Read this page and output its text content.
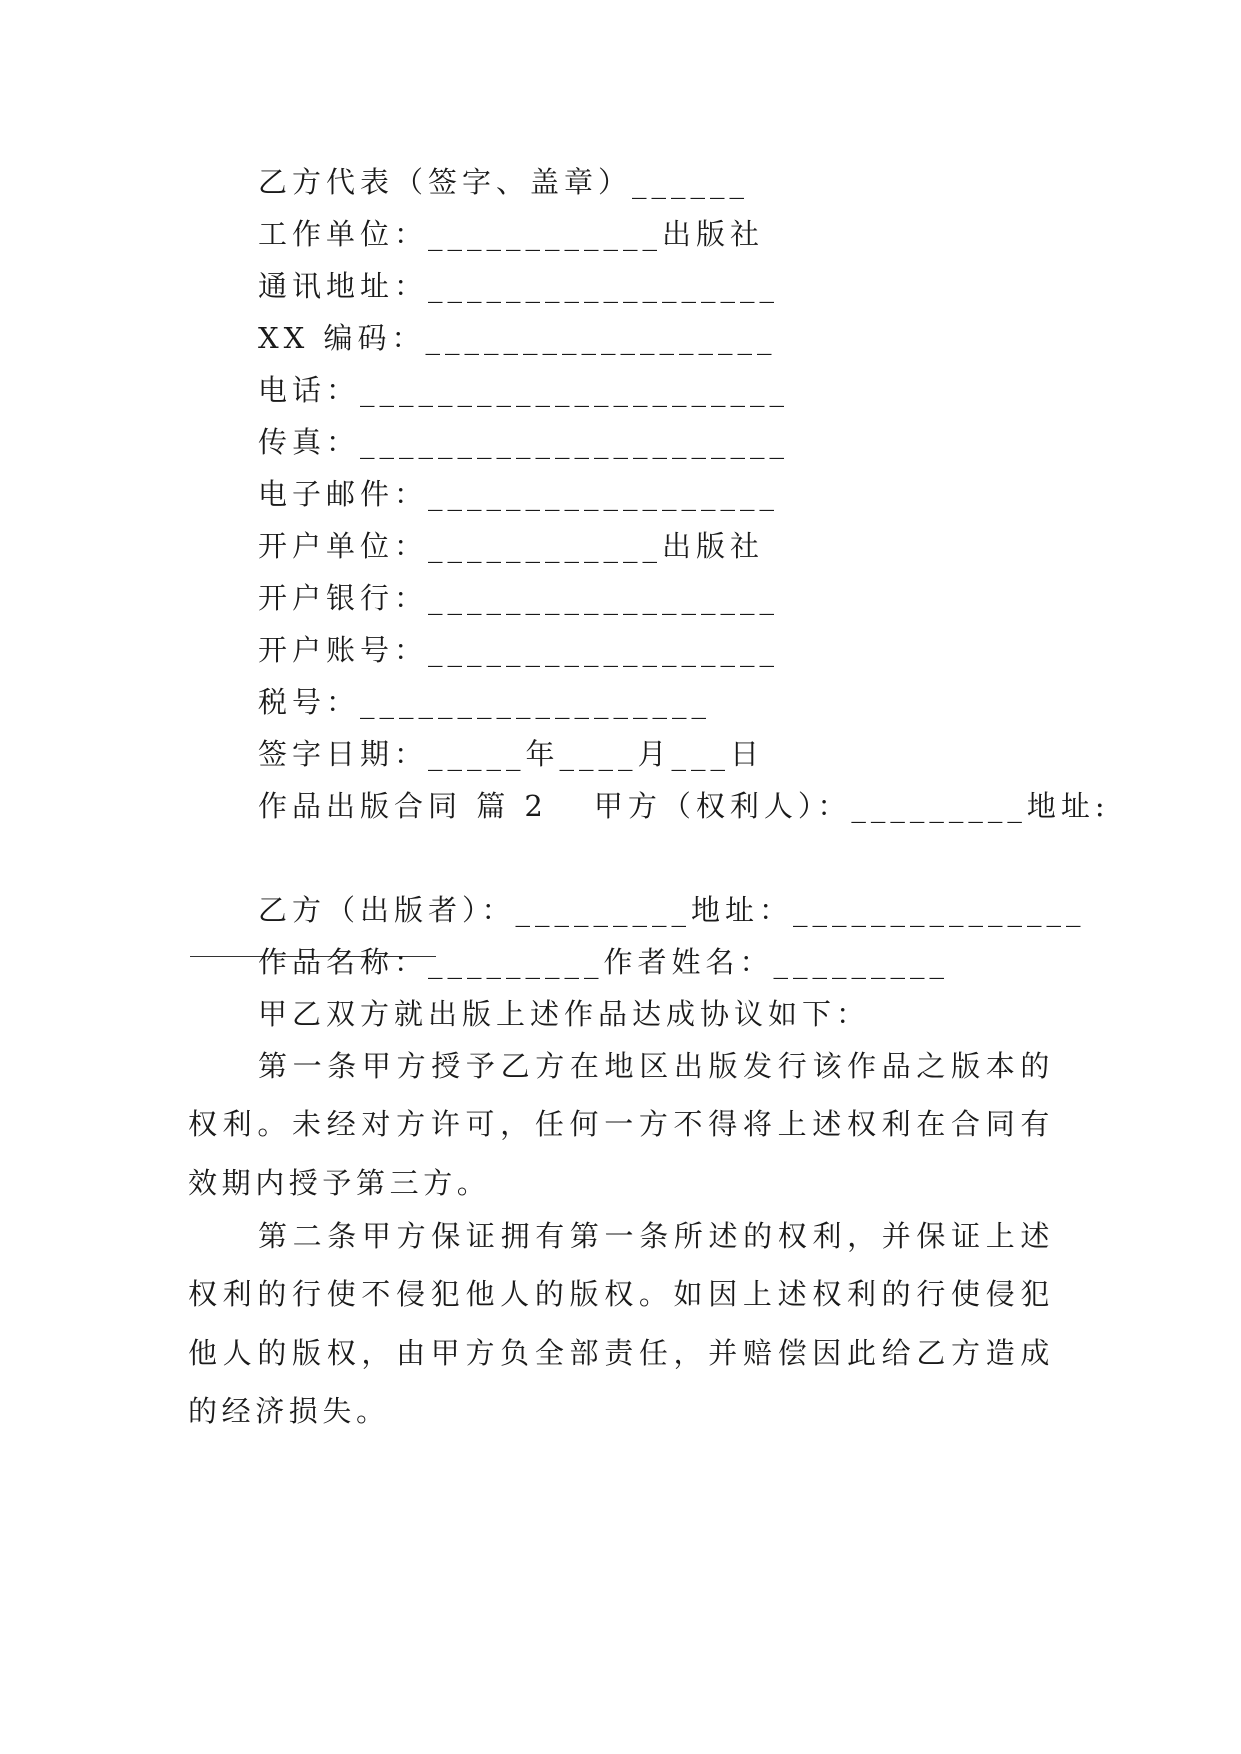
乙方代表（签字、盖章）______
工作单位：____________出版社
通讯地址：__________________
XX 编码：__________________
电话：______________________
传真：______________________
电子邮件：__________________
开户单位：____________出版社
开户银行：__________________
开户账号：__________________
税号：__________________
签字日期：_____年____月___日
作品出版合同 篇 2 甲方（权利人）：_________地址:
乙方（出版者）：_________地址：_______________
作品名称：_________作者姓名：_________
甲乙双方就出版上述作品达成协议如下：
第一条甲方授予乙方在地区出版发行该作品之版本的权利。未经对方许可，任何一方不得将上述权利在合同有效期内授予第三方。
第二条甲方保证拥有第一条所述的权利，并保证上述权利的行使不侵犯他人的版权。如因上述权利的行使侵犯他人的版权，由甲方负全部责任，并赔偿因此给乙方造成的经济损失。
